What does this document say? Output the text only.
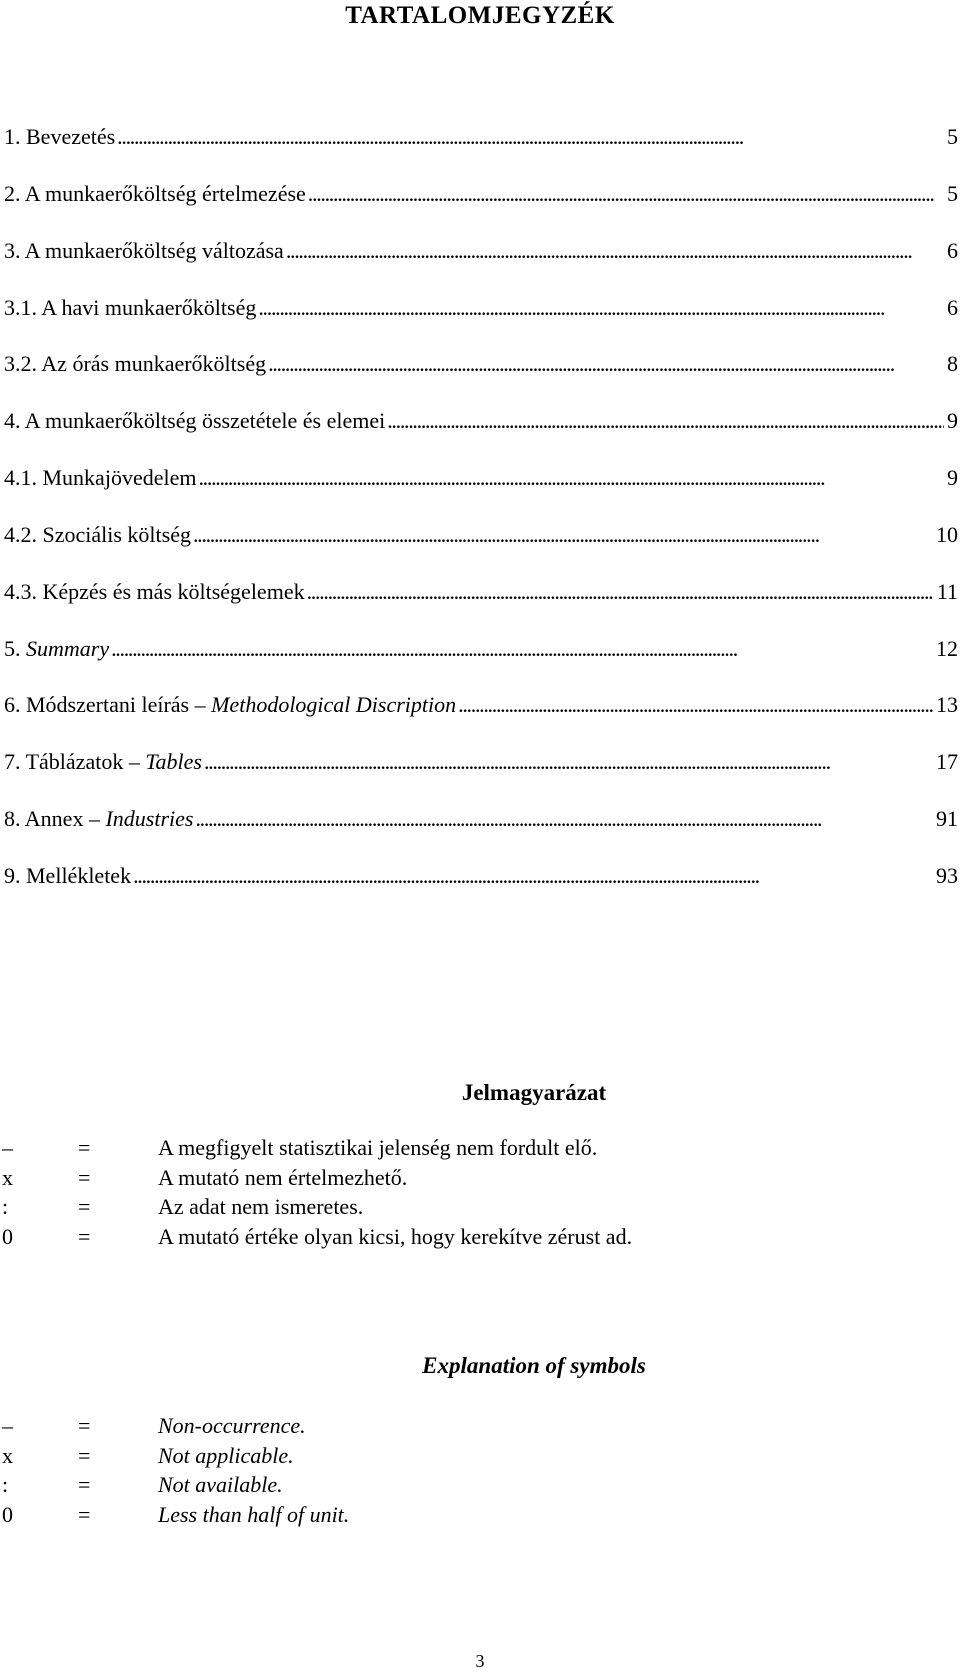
TARTALOMJEGYZÉK
1. Bevezetés . . .	5
2. A munkaerőköltség értelmezése . . .	5
3. A munkaerőköltség változása . . .	6
3.1. A havi munkaerőköltség . . .	6
3.2. Az órás munkaerőköltség . . .	8
4. A munkaerőköltség összetétele és elemei . . .	9
4.1. Munkajövedelem . . .	9
4.2. Szociális költség . . .	10
4.3. Képzés és más költségelemek . . .	11
5. Summary . . .	12
6. Módszertani leírás – Methodological Discription . . .	13
7. Táblázatok – Tables . . .	17
8. Annex – Industries . . .	91
9. Mellékletek . . .	93
Jelmagyarázat
–	=	A megfigyelt statisztikai jelenség nem fordult elő.
x	=	A mutató nem értelmezhető.
:	=	Az adat nem ismeretes.
0	=	A mutató értéke olyan kicsi, hogy kerekítve zérust ad.
Explanation of symbols
–	=	Non-occurrence.
x	=	Not applicable.
:	=	Not available.
0	=	Less than half of unit.
3
